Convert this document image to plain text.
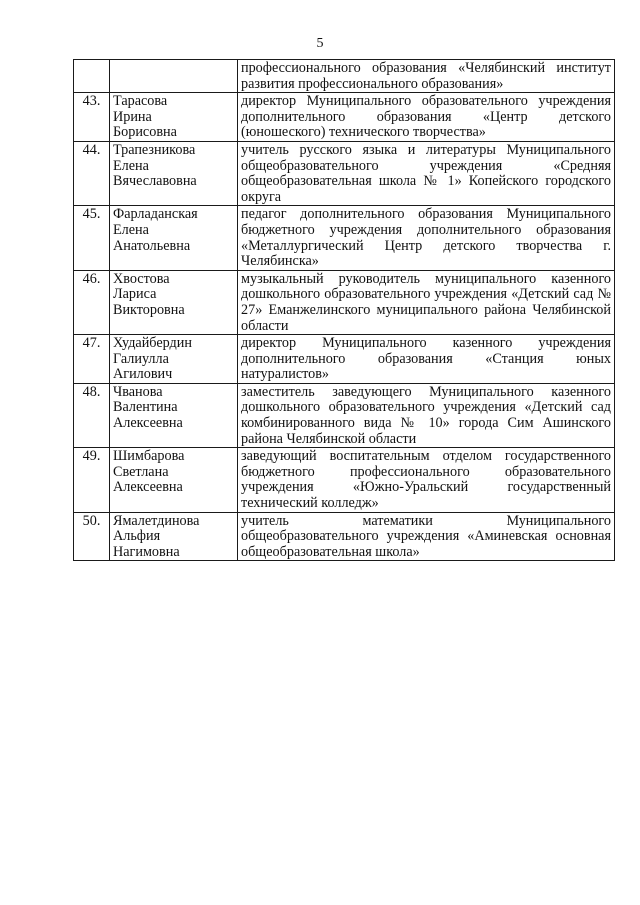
5
		профессионального образования «Челябинский институт развития профессионального образования»
43.	Тарасова
Ирина
Борисовна	директор Муниципального образовательного учреждения дополнительного образования «Центр детского (юношеского) технического творчества»
44.	Трапезникова
Елена
Вячеславовна	учитель русского языка и литературы Муниципального общеобразовательного учреждения «Средняя общеобразовательная школа № 1» Копейского городского округа
45.	Фарладанская
Елена
Анатольевна	педагог дополнительного образования Муниципального бюджетного учреждения дополнительного образования «Металлургический Центр детского творчества г. Челябинска»
46.	Хвостова
Лариса
Викторовна	музыкальный руководитель муниципального казенного дошкольного образовательного учреждения «Детский сад № 27» Еманжелинского муниципального района Челябинской области
47.	Худайбердин
Галиулла
Агилович	директор Муниципального казенного учреждения дополнительного образования «Станция юных натуралистов»
48.	Чванова
Валентина
Алексеевна	заместитель заведующего Муниципального казенного дошкольного образовательного учреждения «Детский сад комбинированного вида № 10» города Сим Ашинского района Челябинской области
49.	Шимбарова
Светлана
Алексеевна	заведующий воспитательным отделом государственного бюджетного профессионального образовательного учреждения «Южно-Уральский государственный технический колледж»
50.	Ямалетдинова
Альфия
Нагимовна	учитель математики Муниципального общеобразовательного учреждения «Аминевская основная общеобразовательная школа»
